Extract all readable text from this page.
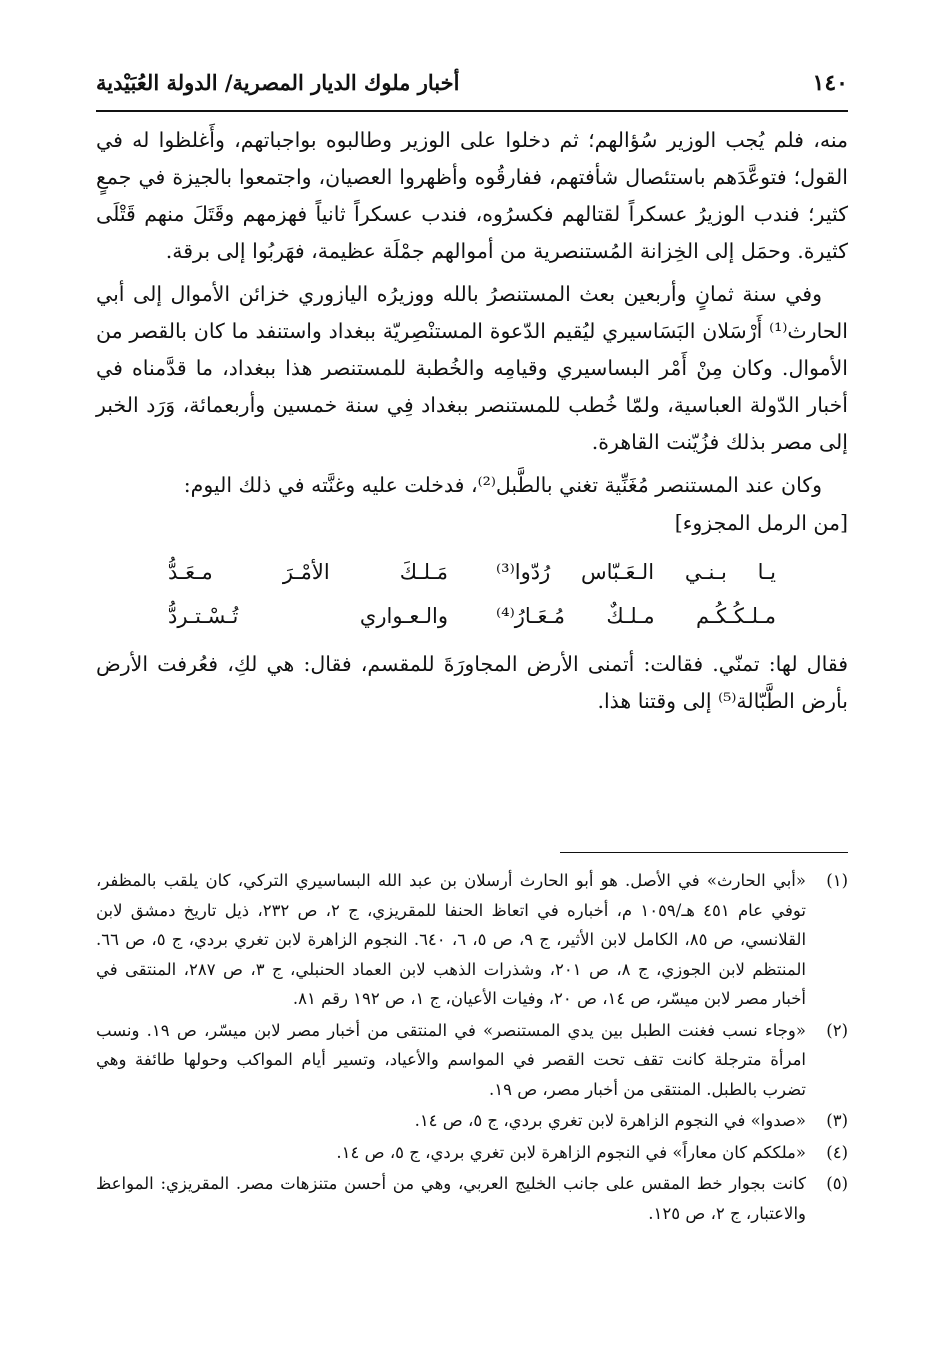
١٤٠
أخبار ملوك الديار المصرية/ الدولة العُبَيْدية

منه، فلم يُجب الوزير سُؤالهم؛ ثم دخلوا على الوزير وطالبوه بواجباتهم، وأَغلظوا له في القول؛ فتوعَّدَهم باستئصال شأفتهم، ففارقُوه وأظهروا العصيان، واجتمعوا بالجيزة في جمعٍ كثير؛ فندب الوزيرُ عسكراً لقتالهم فكسرُوه، فندب عسكراً ثانياً فهزمهم وقَتَلَ منهم قَتْلَى كثيرة. وحمَل إلى الخِزانة المُستنصرية من أموالهم جمْلَة عظيمة، فهَربُوا إلى برقة.

وفي سنة ثمانٍ وأربعين بعث المستنصرُ بالله ووزيرُه اليازوري خزائن الأموال إلى أبي الحارث⁽¹⁾ أَرْسَلان البَسَاسيري ليُقيم الدّعوة المستنْصِريّة ببغداد واستنفد ما كان بالقصر من الأموال. وكان مِنْ أَمْر البساسيري وقيامِه والخُطبة للمستنصر هذا ببغداد، ما قدَّمناه في أخبار الدّولة العباسية، ولمّا خُطب للمستنصر ببغداد فِي سنة خمسين وأربعمائة، وَرَد الخبر إلى مصر بذلك فزُيّنت القاهرة.

وكان عند المستنصر مُغَنِّية تغني بالطَّبل⁽²⁾، فدخلت عليه وغنَّته في ذلك اليوم:

[من الرمل المجزوء]
يـا بـنـي الـعَـبّاس رُدّوا⁽³⁾
مَـلـكَ الأمْـرَ مـعَـدُّ
مـلـكُـكُـم مـلـكٌ مُـعَـارُ⁽⁴⁾
والـعـواري تُـسْـتـردُّ

فقال لها: تمنّي. فقالت: أتمنى الأرض المجاورَةَ للمقسم، فقال: هي لكِ، فعُرفت الأرض بأرض الطَّبّالة⁽⁵⁾ إلى وقتنا هذا.

(١)
«أبي الحارث» في الأصل. هو أبو الحارث أرسلان بن عبد الله البساسيري التركي، كان يلقب بالمظفر، توفي عام ٤٥١ هـ/١٠٥٩ م، أخباره في اتعاظ الحنفا للمقريزي، ج ٢، ص ٢٣٢، ذيل تاريخ دمشق لابن القلانسي، ص ٨٥، الكامل لابن الأثير، ج ٩، ص ٥، ٦، ٦٤٠. النجوم الزاهرة لابن تغري بردي، ج ٥، ص ٦٦. المنتظم لابن الجوزي، ج ٨، ص ٢٠١، وشذرات الذهب لابن العماد الحنبلي، ج ٣، ص ٢٨٧، المنتقى في أخبار مصر لابن ميسّر، ص ١٤، ص ٢٠، وفيات الأعيان، ج ١، ص ١٩٢ رقم ٨١.
(٢)
«وجاء نسب فغنت الطبل بين يدي المستنصر» في المنتقى من أخبار مصر لابن ميسّر، ص ١٩. ونسب امرأة مترجلة كانت تقف تحت القصر في المواسم والأعياد، وتسير أيام المواكب وحولها طائفة وهي تضرب بالطبل. المنتقى من أخبار مصر، ص ١٩.
(٣)
«صدوا» في النجوم الزاهرة لابن تغري بردي، ج ٥، ص ١٤.
(٤)
«ملككم كان معاراً» في النجوم الزاهرة لابن تغري بردي، ج ٥، ص ١٤.
(٥)
كانت بجوار خط المقس على جانب الخليج العربي، وهي من أحسن متنزهات مصر. المقريزي: المواعظ والاعتبار، ج ٢، ص ١٢٥.
